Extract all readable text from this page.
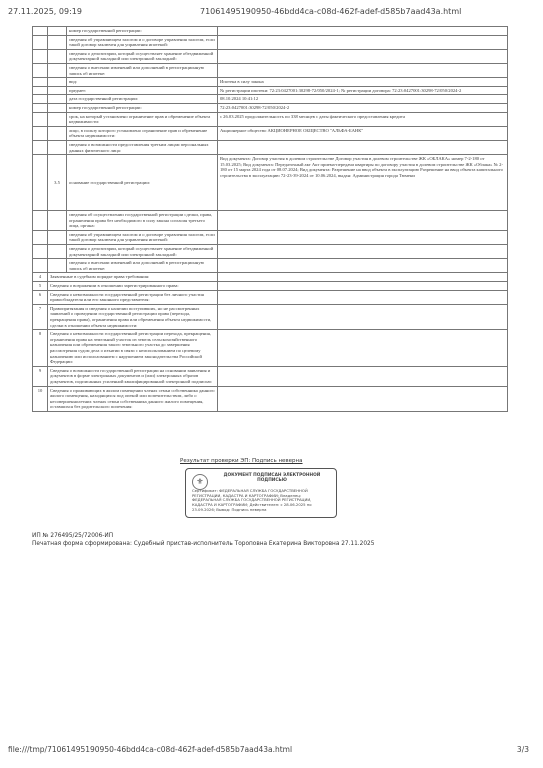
27.11.2025, 09:19	71061495190950-46bdd4ca-c08d-462f-adef-d585b7aad43a.html
		номер государственной регистрации:	
		сведения об управляющем залогом и о договоре управления залогом, если такой договор заключен для управления ипотекой:	
		сведения о депозитарии, который осуществляет хранение обездвиженной документарной закладной или электронной закладной:	
		сведения о внесении изменений или дополнений в регистрационную запись об ипотеке:	
		вид:	Ипотека в силу закона
		предмет:	№ регистрации ипотеки: 72:23:0427001:30298-72/050/2024-1; № регистрации договора: 72:23:0427001:30298-72/050/2024-2
		дата государственной регистрации:	08.10.2024 10:41:12
		номер государственной регистрации:	72:23:0427001:30298-72/050/2024-2
		срок, на который установлено ограничение прав и обременение объекта недвижимости:	с 26.03.2025 продолжительность по 338 месяцев с даты фактического предоставления кредита
		лицо, в пользу которого установлено ограничение прав и обременение объекта недвижимости:	Акционерное общество АКЦИОНЕРНОЕ ОБЩЕСТВО "АЛЬФА-БАНК"
		сведения о возможности предоставления третьим лицам персональных данных физического лица:	
	3.5	основание государственной регистрации:	Вид документа: Договор участия в долевом строительстве Договор участия в долевом строительстве ЖК «ОБЛАКА» номер 7-2-180 от 15.03.2025; Вид документа: Передаточный акт Акт приема-передачи квартиры по договору участия в долевом строительстве ЖК «Облака» № 2-180 от 15 марта 2024 года от 08.07.2024; Вид документа: Разрешение на ввод объекта в эксплуатацию Разрешение на ввод объекта капитального строительства в эксплуатацию 72-23-39-2024 от 10.06.2024, выдан: Администрация города Тюмени
		сведения об осуществлении государственной регистрации сделки, права, ограничения права без необходимого в силу закона согласия третьего лица, органа:	
		сведения об управляющем залогом и о договоре управления залогом, если такой договор заключен для управления ипотекой:	
		сведения о депозитарии, который осуществляет хранение обездвиженной документарной закладной или электронной закладной:	
		сведения о внесении изменений или дополнений в регистрационную запись об ипотеке:	
4	Заявленные в судебном порядке права требования:		
5	Сведения о возражении в отношении зарегистрированного права:		
6	Сведения о невозможности государственной регистрации без личного участия правообладателя или его законного представителя:		
7	Правопритязания и сведения о наличии поступивших, но не рассмотренных заявлений о проведении государственной регистрации права (перехода, прекращения права), ограничения права или обременения объекта недвижимости, сделки в отношении объекта недвижимости:		
8	Сведения о невозможности государственной регистрации перехода, прекращения, ограничения права на земельный участок из земель сельскохозяйственного назначения или обременения такого земельного участка до завершения рассмотрения судом дела о изъятии в связи с неиспользованием по целевому назначению или использованием с нарушением законодательства Российской Федерации:		
9	Сведения о возможности государственной регистрации на основании заявления и документов в форме электронных документов и (или) электронных образов документов, подписанных усиленной квалифицированной электронной подписью:		
10	Сведения о проживающих в жилом помещении членах семьи собственника данного жилого помещения, находящихся под опекой или попечительством, либо о несовершеннолетних членах семьи собственника данного жилого помещения, оставшихся без родительского попечения:		
Результат проверки ЭП: Подпись неверна
⚜
ДОКУМЕНТ ПОДПИСАН ЭЛЕКТРОННОЙ ПОДПИСЬЮ
Сертификат: ФЕДЕРАЛЬНАЯ СЛУЖБА ГОСУДАРСТВЕННОЙ РЕГИСТРАЦИИ, КАДАСТРА И КАРТОГРАФИИ; Владелец: ФЕДЕРАЛЬНАЯ СЛУЖБА ГОСУДАРСТВЕННОЙ РЕГИСТРАЦИИ, КАДАСТРА И КАРТОГРАФИИ; Действителен: с 28.06.2025 по 23.09.2026; Вывод: Подпись неверна
ИП № 276495/25/72006-ИП
Печатная форма сформирована: Судебный пристав-исполнитель Тороповна Екатерина Викторовна 27.11.2025
file:///tmp/71061495190950-46bdd4ca-c08d-462f-adef-d585b7aad43a.html	3/3
